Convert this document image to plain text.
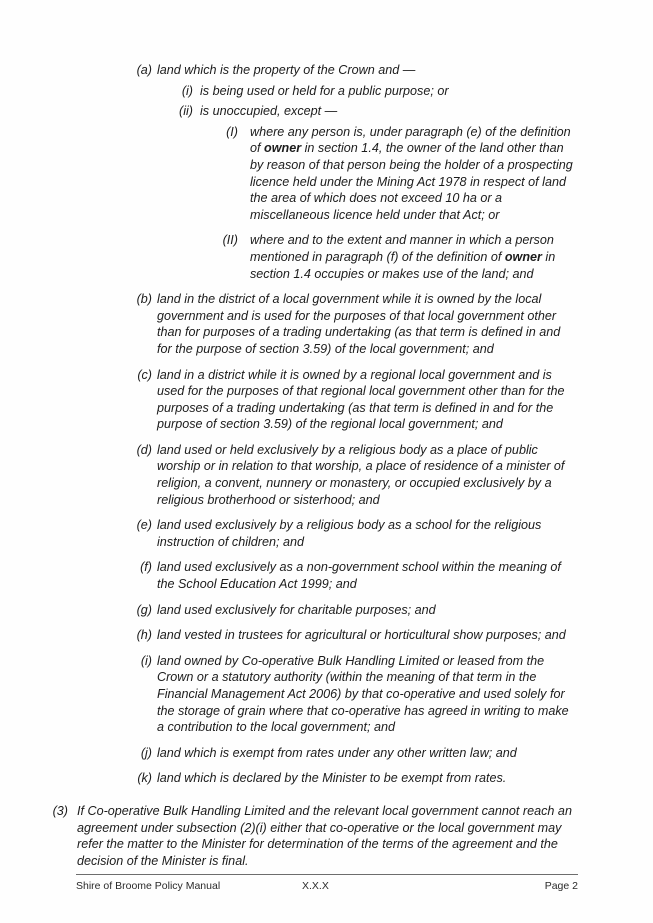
(a) land which is the property of the Crown and —
(i) is being used or held for a public purpose; or
(ii) is unoccupied, except —
(I) where any person is, under paragraph (e) of the definition of owner in section 1.4, the owner of the land other than by reason of that person being the holder of a prospecting licence held under the Mining Act 1978 in respect of land the area of which does not exceed 10 ha or a miscellaneous licence held under that Act; or
(II) where and to the extent and manner in which a person mentioned in paragraph (f) of the definition of owner in section 1.4 occupies or makes use of the land; and
(b) land in the district of a local government while it is owned by the local government and is used for the purposes of that local government other than for purposes of a trading undertaking (as that term is defined in and for the purpose of section 3.59) of the local government; and
(c) land in a district while it is owned by a regional local government and is used for the purposes of that regional local government other than for the purposes of a trading undertaking (as that term is defined in and for the purpose of section 3.59) of the regional local government; and
(d) land used or held exclusively by a religious body as a place of public worship or in relation to that worship, a place of residence of a minister of religion, a convent, nunnery or monastery, or occupied exclusively by a religious brotherhood or sisterhood; and
(e) land used exclusively by a religious body as a school for the religious instruction of children; and
(f) land used exclusively as a non-government school within the meaning of the School Education Act 1999; and
(g) land used exclusively for charitable purposes; and
(h) land vested in trustees for agricultural or horticultural show purposes; and
(i) land owned by Co-operative Bulk Handling Limited or leased from the Crown or a statutory authority (within the meaning of that term in the Financial Management Act 2006) by that co-operative and used solely for the storage of grain where that co-operative has agreed in writing to make a contribution to the local government; and
(j) land which is exempt from rates under any other written law; and
(k) land which is declared by the Minister to be exempt from rates.
(3) If Co-operative Bulk Handling Limited and the relevant local government cannot reach an agreement under subsection (2)(i) either that co-operative or the local government may refer the matter to the Minister for determination of the terms of the agreement and the decision of the Minister is final.
Shire of Broome Policy Manual	X.X.X	Page 2
